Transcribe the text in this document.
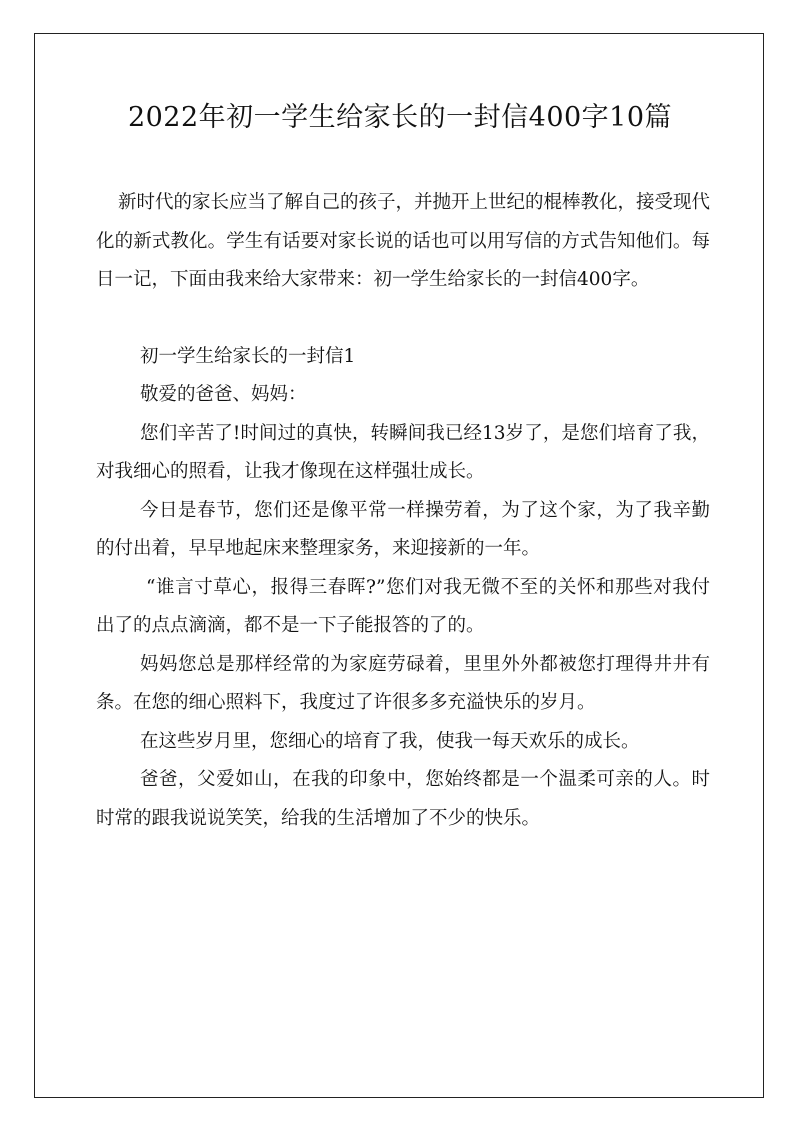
2022年初一学生给家长的一封信400字10篇

新时代的家长应当了解自己的孩子，并抛开上世纪的棍棒教化，接受现代化的新式教化。学生有话要对家长说的话也可以用写信的方式告知他们。每日一记，下面由我来给大家带来：初一学生给家长的一封信400字。

初一学生给家长的一封信1

敬爱的爸爸、妈妈：

您们辛苦了!时间过的真快，转瞬间我已经13岁了，是您们培育了我，对我细心的照看，让我才像现在这样强壮成长。

今日是春节，您们还是像平常一样操劳着，为了这个家，为了我辛勤的付出着，早早地起床来整理家务，来迎接新的一年。

“谁言寸草心，报得三春晖?”您们对我无微不至的关怀和那些对我付出了的点点滴滴，都不是一下子能报答的了的。

妈妈您总是那样经常的为家庭劳碌着，里里外外都被您打理得井井有条。在您的细心照料下，我度过了许很多多充溢快乐的岁月。

在这些岁月里，您细心的培育了我，使我一每天欢乐的成长。

爸爸，父爱如山，在我的印象中，您始终都是一个温柔可亲的人。时时常的跟我说说笑笑，给我的生活增加了不少的快乐。
